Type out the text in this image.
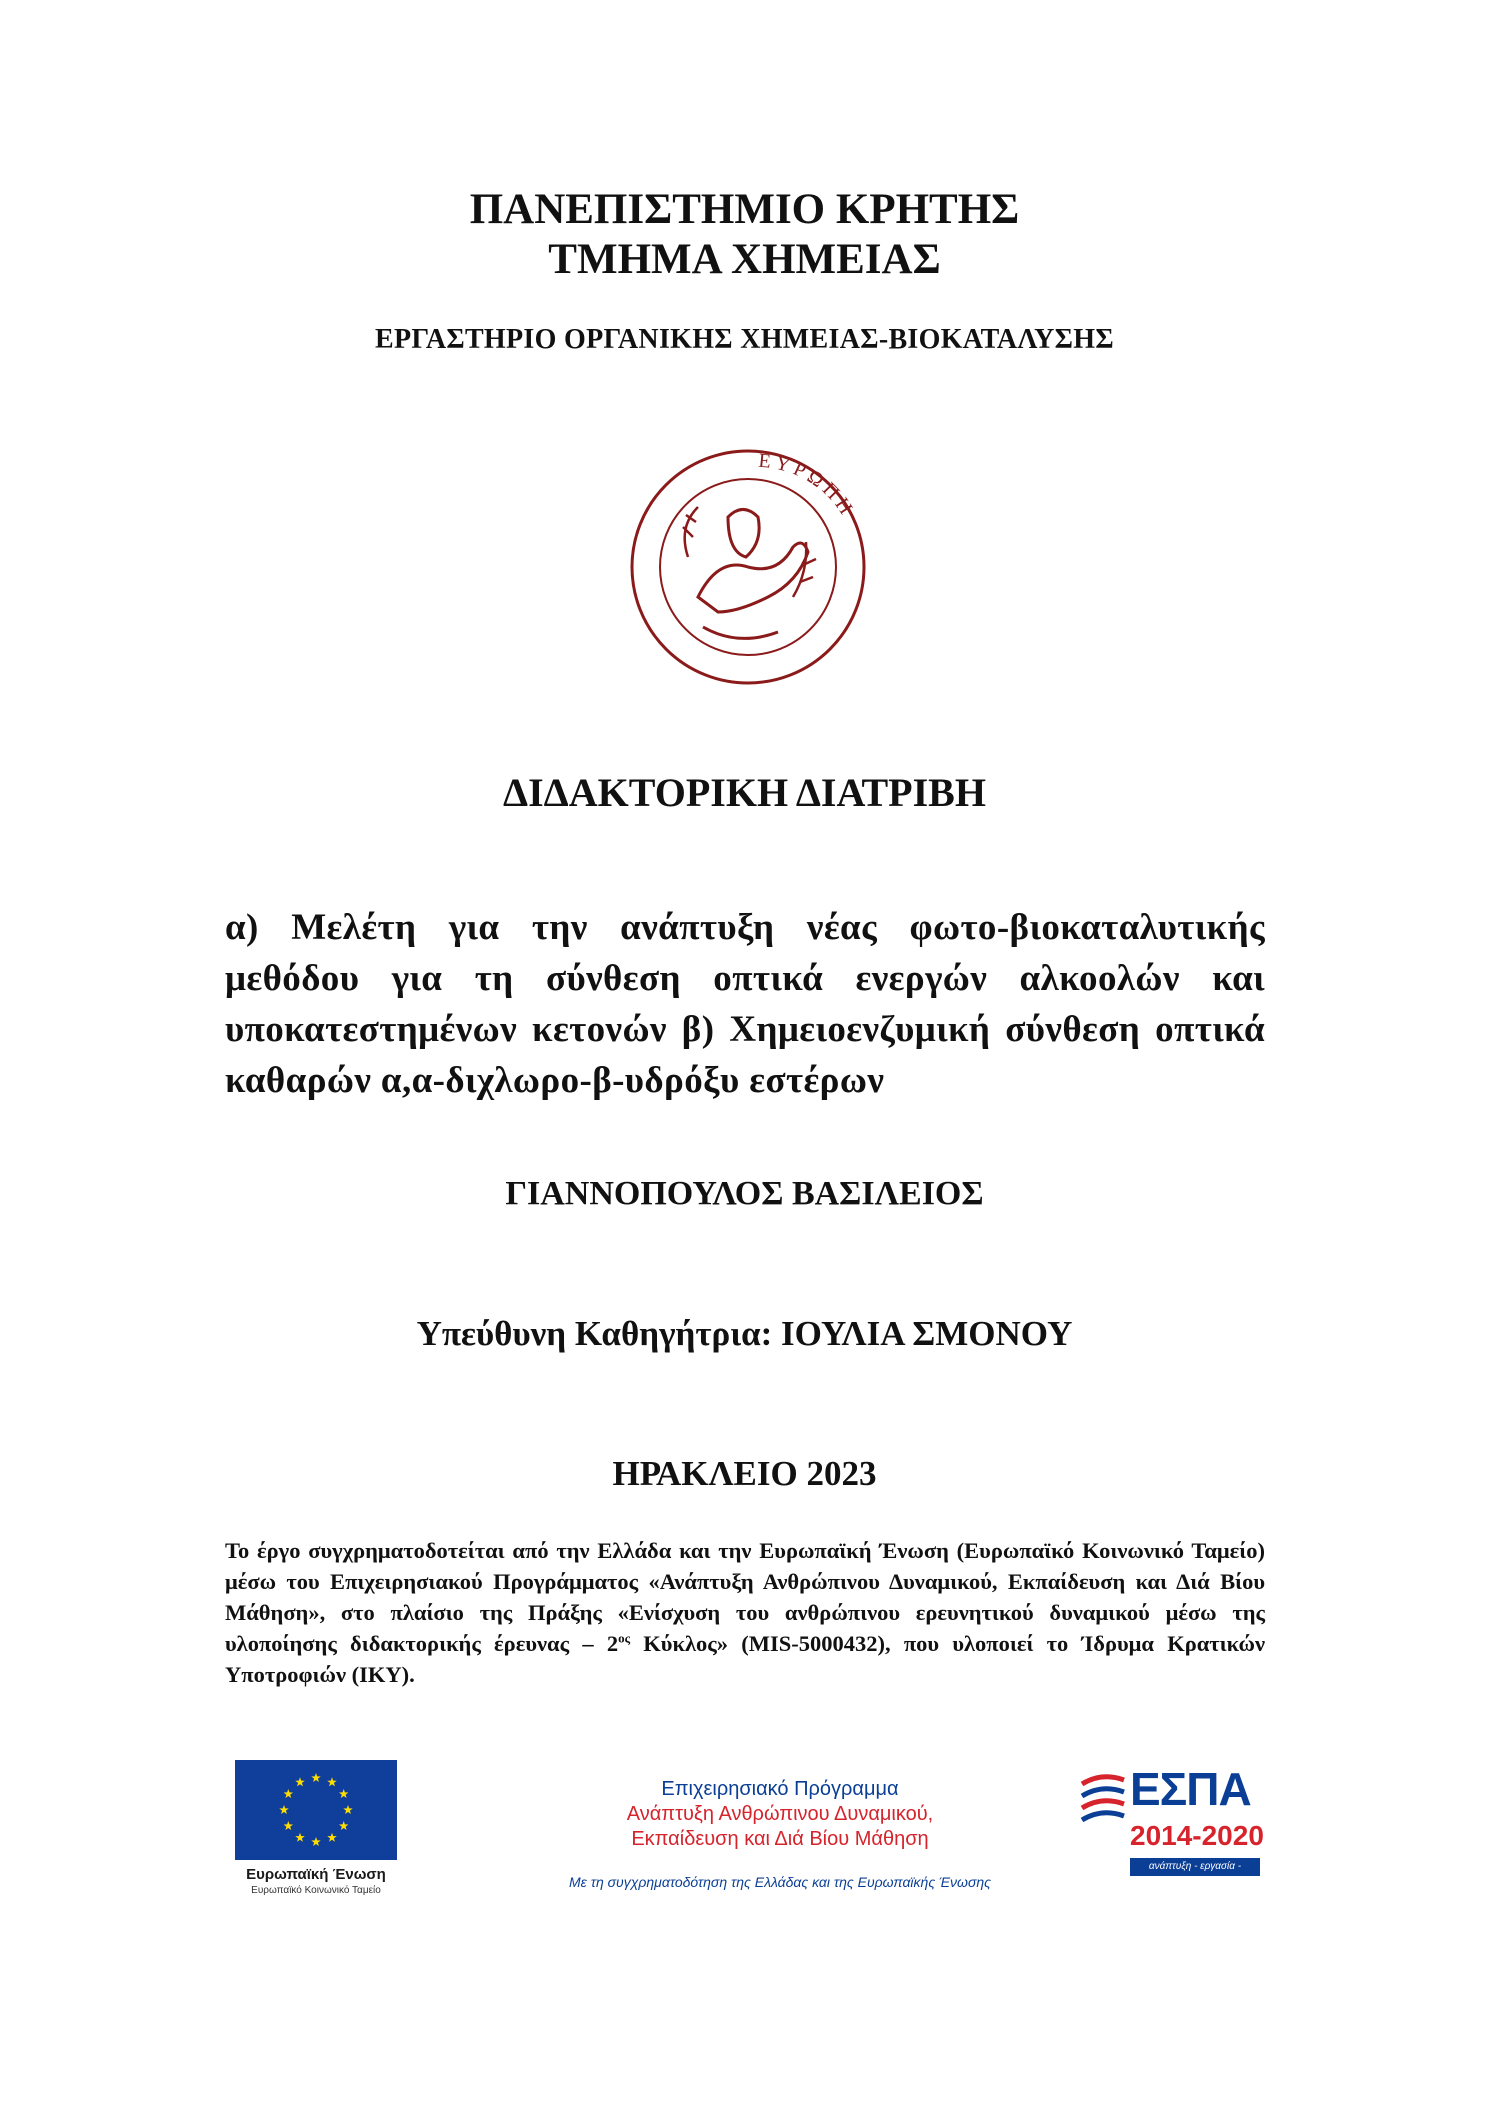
ΠΑΝΕΠΙΣΤΗΜΙΟ ΚΡΗΤΗΣ
ΤΜΗΜΑ ΧΗΜΕΙΑΣ
ΕΡΓΑΣΤΗΡΙΟ ΟΡΓΑΝΙΚΗΣ ΧΗΜΕΙΑΣ-ΒΙΟΚΑΤΑΛΥΣΗΣ
ΕΥΡΩΠΗ
ΔΙΔΑΚΤΟΡΙΚΗ ΔΙΑΤΡΙΒΗ
α) Μελέτη για την ανάπτυξη νέας φωτο-βιοκαταλυτικής μεθόδου για τη σύνθεση οπτικά ενεργών αλκοολών και υποκατεστημένων κετονών β) Χημειοενζυμική σύνθεση οπτικά καθαρών α,α-διχλωρο-β-υδρόξυ εστέρων
ΓΙΑΝΝΟΠΟΥΛΟΣ ΒΑΣΙΛΕΙΟΣ
Υπεύθυνη Καθηγήτρια: ΙΟΥΛΙΑ ΣΜΟΝΟΥ
ΗΡΑΚΛΕΙΟ 2023
Το έργο συγχρηματοδοτείται από την Ελλάδα και την Ευρωπαϊκή Ένωση (Ευρωπαϊκό Κοινωνικό Ταμείο) μέσω του Επιχειρησιακού Προγράμματος «Ανάπτυξη Ανθρώπινου Δυναμικού, Εκπαίδευση και Διά Βίου Μάθηση», στο πλαίσιο της Πράξης «Ενίσχυση του ανθρώπινου ερευνητικού δυναμικού μέσω της υλοποίησης διδακτορικής έρευνας – $2^{o\varsigma}$ Κύκλος» (MIS-5000432), που υλοποιεί το Ίδρυμα Κρατικών Υποτροφιών (ΙΚΥ).
Ευρωπαϊκή Ένωση
Ευρωπαϊκό Κοινωνικό Ταμείο
Επιχειρησιακό Πρόγραμμα
Ανάπτυξη Ανθρώπινου Δυναμικού,
Εκπαίδευση και Διά Βίου Μάθηση
Με τη συγχρηματοδότηση της Ελλάδας και της Ευρωπαϊκής Ένωσης
ΕΣΠΑ
2014-2020
ανάπτυξη - εργασία - αλληλεγγύη
